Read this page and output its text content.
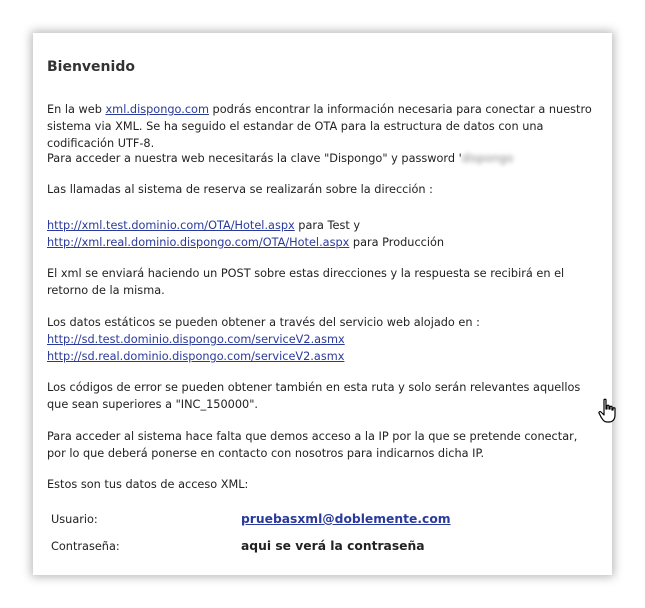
Bienvenido

En la web xml.dispongo.com podrás encontrar la información necesaria para conectar a nuestro sistema via XML. Se ha seguido el estandar de OTA para la estructura de datos con una codificación UTF-8.

Para acceder a nuestra web necesitarás la clave "Dispongo" y password 'dispongo

Las llamadas al sistema de reserva se realizarán sobre la dirección :

http://xml.test.dominio.com/OTA/Hotel.aspx para Test y
http://xml.real.dominio.dispongo.com/OTA/Hotel.aspx para Producción

El xml se enviará haciendo un POST sobre estas direcciones y la respuesta se recibirá en el retorno de la misma.

Los datos estáticos se pueden obtener a través del servicio web alojado en :
http://sd.test.dominio.dispongo.com/serviceV2.asmx
http://sd.real.dominio.dispongo.com/serviceV2.asmx

Los códigos de error se pueden obtener también en esta ruta y solo serán relevantes aquellos que sean superiores a "INC_150000".

Para acceder al sistema hace falta que demos acceso a la IP por la que se pretende conectar, por lo que deberá ponerse en contacto con nosotros para indicarnos dicha IP.

Estos son tus datos de acceso XML:

Usuario:	pruebasxml@doblemente.com
Contraseña:	aqui se verá la contraseña
